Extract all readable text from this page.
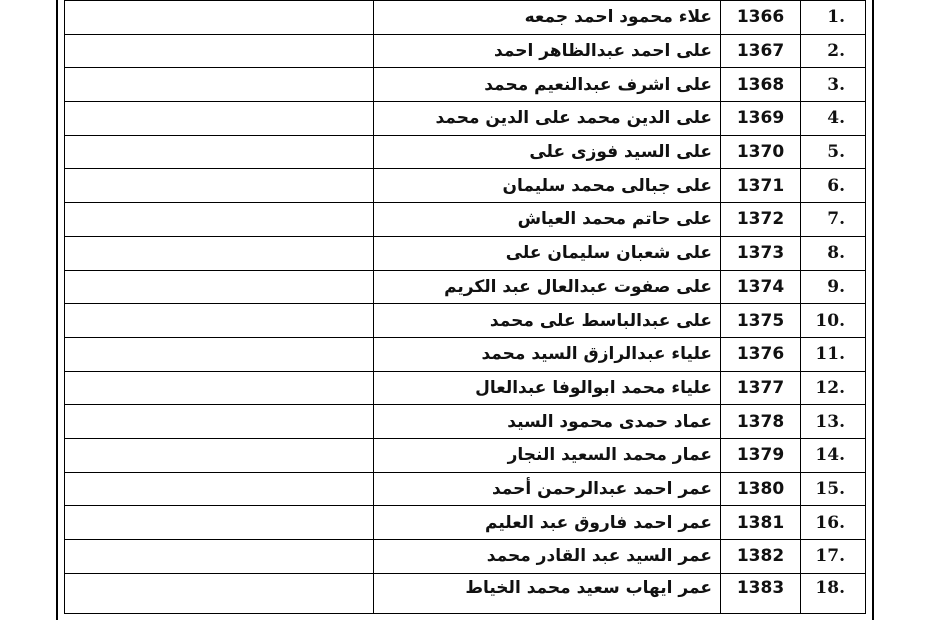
	علاء محمود احمد جمعه	1366	1.
	على احمد عبدالظاهر احمد	1367	2.
	على اشرف عبدالنعيم محمد	1368	3.
	على الدين محمد على الدين محمد	1369	4.
	على السيد فوزى على	1370	5.
	على جبالى محمد سليمان	1371	6.
	على حاتم محمد العياش	1372	7.
	على شعبان سليمان على	1373	8.
	على صفوت عبدالعال عبد الكريم	1374	9.
	على عبدالباسط على محمد	1375	10.
	علياء عبدالرازق السيد محمد	1376	11.
	علياء محمد ابوالوفا عبدالعال	1377	12.
	عماد حمدى محمود السيد	1378	13.
	عمار محمد السعيد النجار	1379	14.
	عمر احمد عبدالرحمن أحمد	1380	15.
	عمر احمد فاروق عبد العليم	1381	16.
	عمر السيد عبد القادر محمد	1382	17.
	عمر ايهاب سعيد محمد الخياط	1383	18.
